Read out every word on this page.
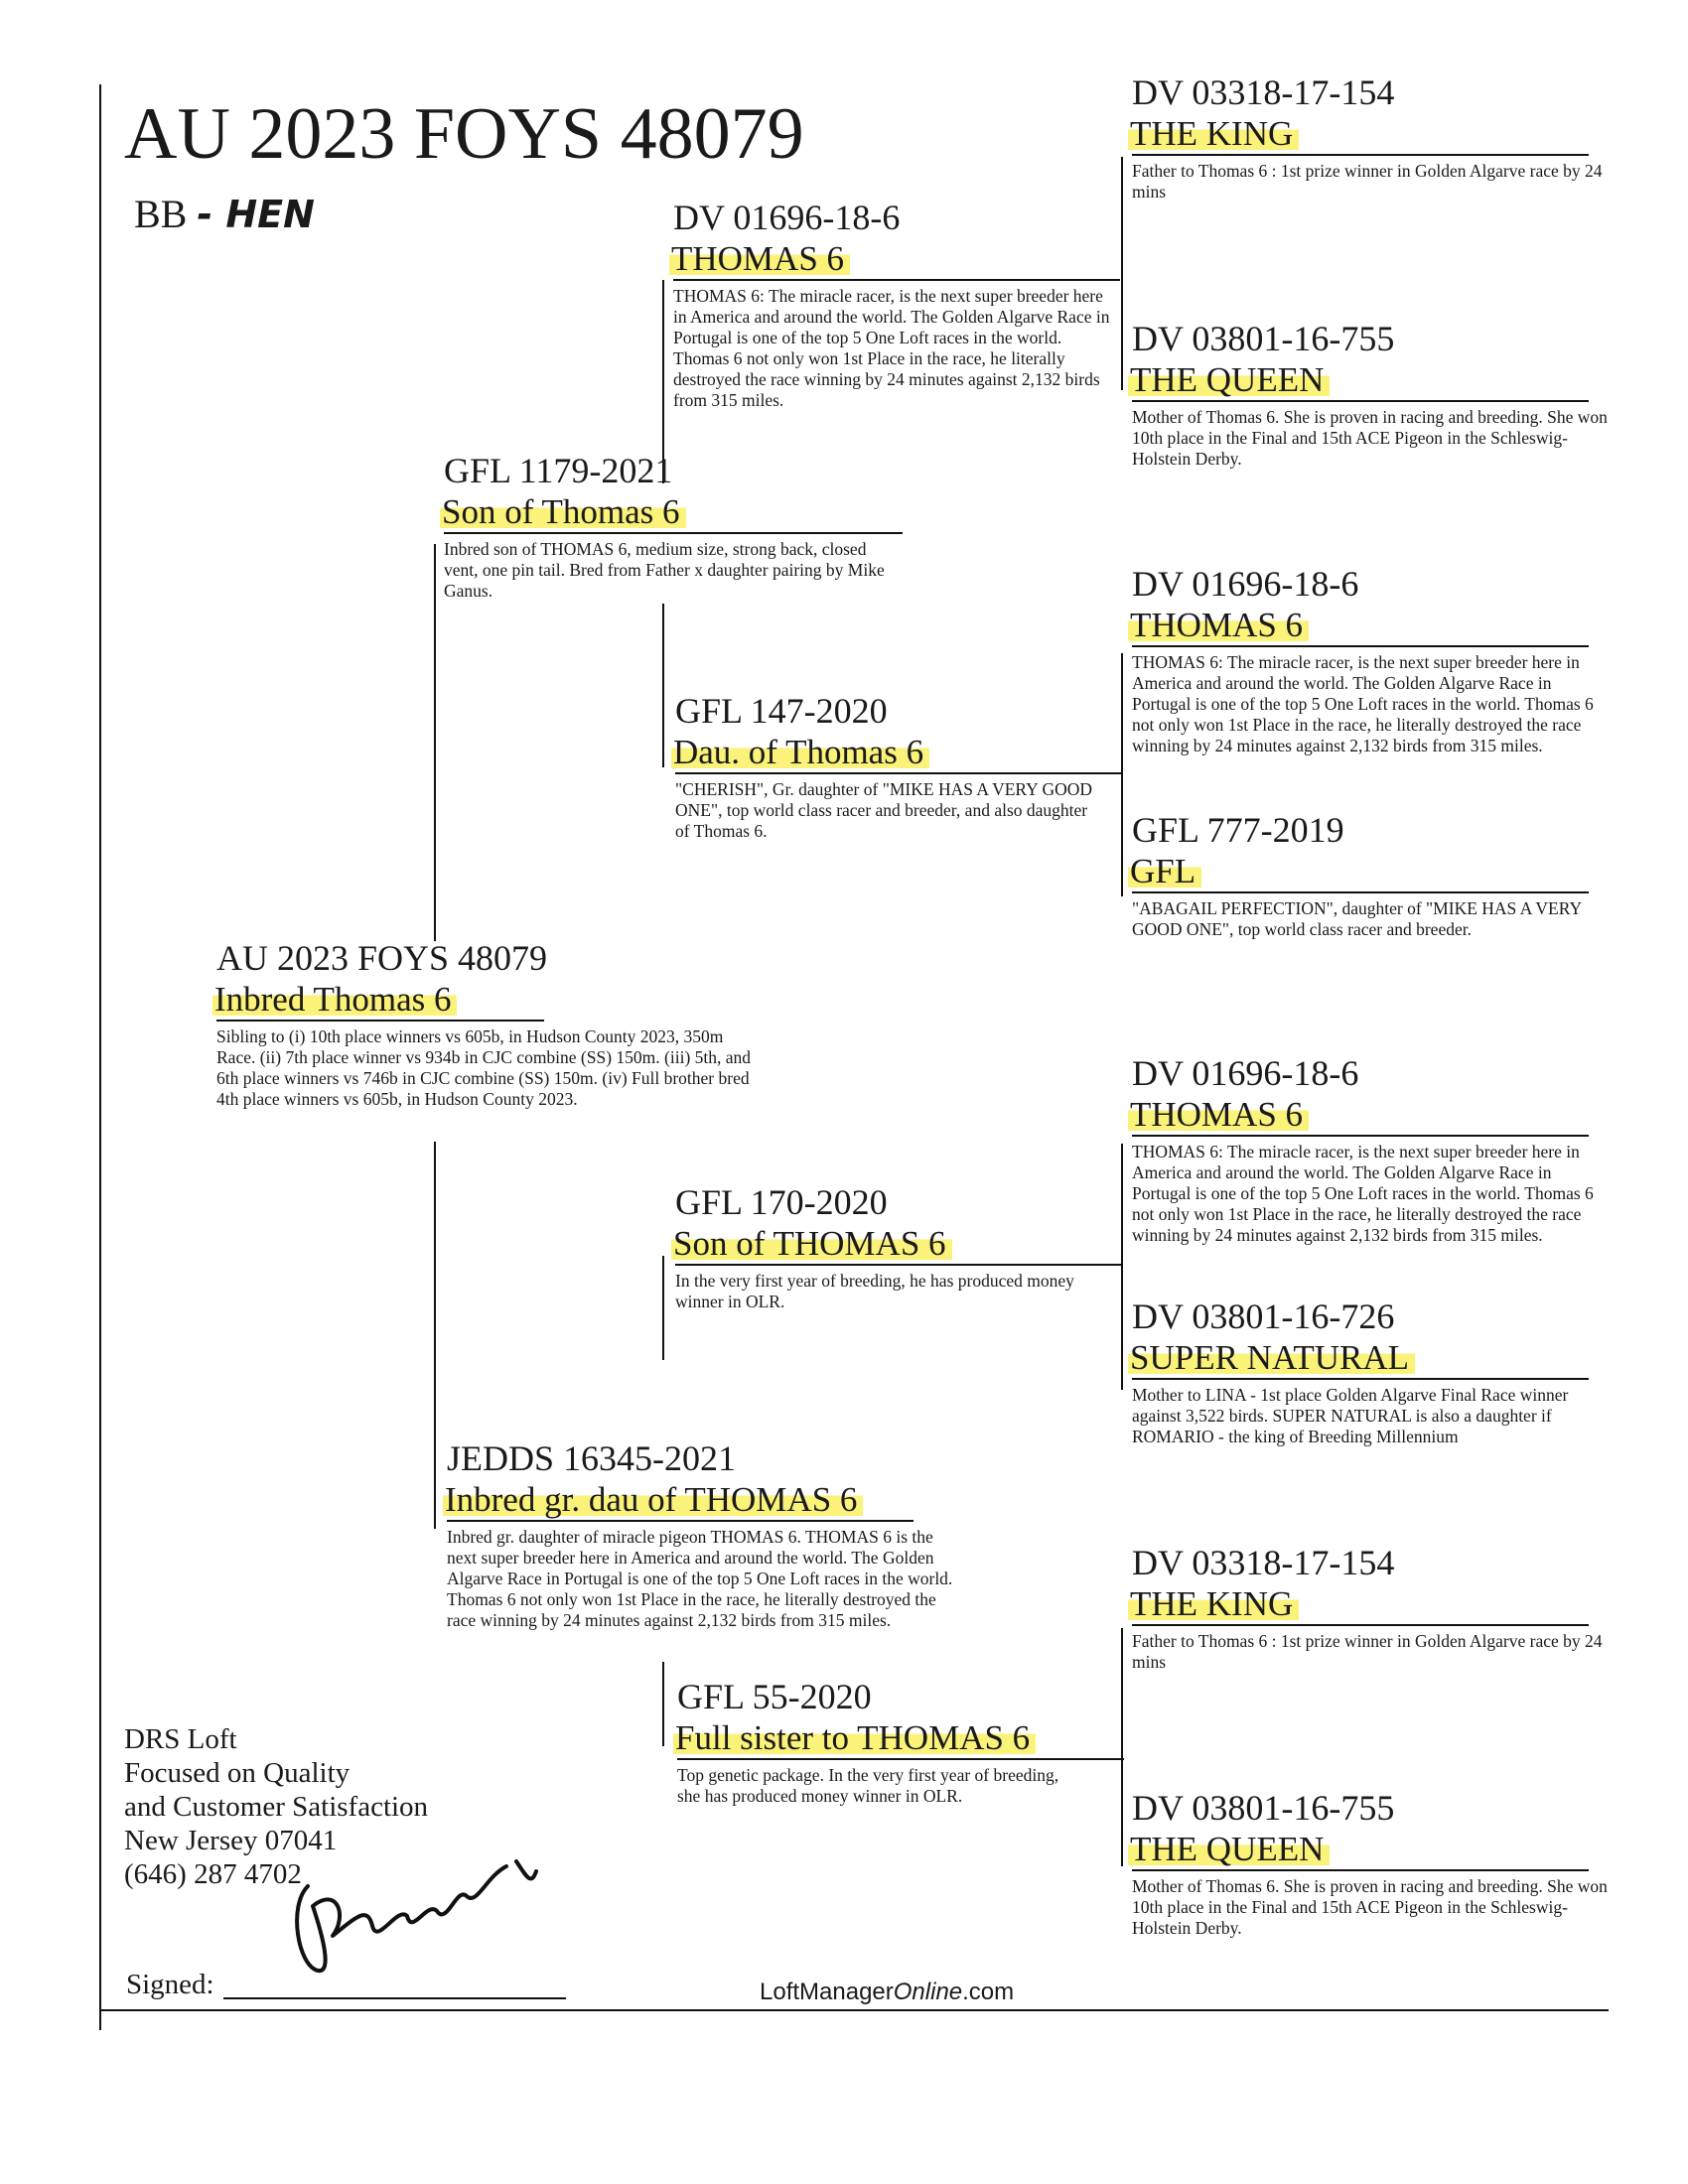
AU 2023 FOYS 48079
BB - HEN
AU 2023 FOYS 48079
Inbred Thomas 6
Sibling to (i) 10th place winners vs 605b, in Hudson County 2023, 350m Race. (ii) 7th place winner vs 934b in CJC combine (SS) 150m. (iii) 5th, and 6th place winners vs 746b in CJC combine (SS) 150m. (iv) Full brother bred 4th place winners vs 605b, in Hudson County 2023.
GFL 1179-2021
Son of Thomas 6
Inbred son of THOMAS 6, medium size, strong back, closed vent, one pin tail. Bred from Father x daughter pairing by Mike Ganus.
JEDDS 16345-2021
Inbred gr. dau of THOMAS 6
Inbred gr. daughter of miracle pigeon THOMAS 6. THOMAS 6 is the next super breeder here in America and around the world. The Golden Algarve Race in Portugal is one of the top 5 One Loft races in the world. Thomas 6 not only won 1st Place in the race, he literally destroyed the race winning by 24 minutes against 2,132 birds from 315 miles.
DV 01696-18-6
THOMAS 6
THOMAS 6: The miracle racer, is the next super breeder here in America and around the world. The Golden Algarve Race in Portugal is one of the top 5 One Loft races in the world. Thomas 6 not only won 1st Place in the race, he literally destroyed the race winning by 24 minutes against 2,132 birds from 315 miles.
GFL 147-2020
Dau. of Thomas 6
"CHERISH", Gr. daughter of "MIKE HAS A VERY GOOD ONE", top world class racer and breeder, and also daughter of Thomas 6.
GFL 170-2020
Son of THOMAS 6
In the very first year of breeding, he has produced money winner in OLR.
GFL 55-2020
Full sister to THOMAS 6
Top genetic package. In the very first year of breeding, she has produced money winner in OLR.
DV 03318-17-154
THE KING
Father to Thomas 6 : 1st prize winner in Golden Algarve race by 24 mins
DV 03801-16-755
THE QUEEN
Mother of Thomas 6. She is proven in racing and breeding. She won 10th place in the Final and 15th ACE Pigeon in the Schleswig-Holstein Derby.
DV 01696-18-6
THOMAS 6
THOMAS 6: The miracle racer, is the next super breeder here in America and around the world. The Golden Algarve Race in Portugal is one of the top 5 One Loft races in the world. Thomas 6 not only won 1st Place in the race, he literally destroyed the race winning by 24 minutes against 2,132 birds from 315 miles.
GFL 777-2019
GFL
"ABAGAIL PERFECTION", daughter of "MIKE HAS A VERY GOOD ONE", top world class racer and breeder.
DV 01696-18-6
THOMAS 6
THOMAS 6: The miracle racer, is the next super breeder here in America and around the world. The Golden Algarve Race in Portugal is one of the top 5 One Loft races in the world. Thomas 6 not only won 1st Place in the race, he literally destroyed the race winning by 24 minutes against 2,132 birds from 315 miles.
DV 03801-16-726
SUPER NATURAL
Mother to LINA - 1st place Golden Algarve Final Race winner against 3,522 birds. SUPER NATURAL is also a daughter if ROMARIO - the king of Breeding Millennium
DV 03318-17-154
THE KING
Father to Thomas 6 : 1st prize winner in Golden Algarve race by 24 mins
DV 03801-16-755
THE QUEEN
Mother of Thomas 6. She is proven in racing and breeding. She won 10th place in the Final and 15th ACE Pigeon in the Schleswig-Holstein Derby.
DRS Loft
Focused on Quality
and Customer Satisfaction
New Jersey 07041
(646) 287 4702
Signed:	LoftManagerOnline.com
